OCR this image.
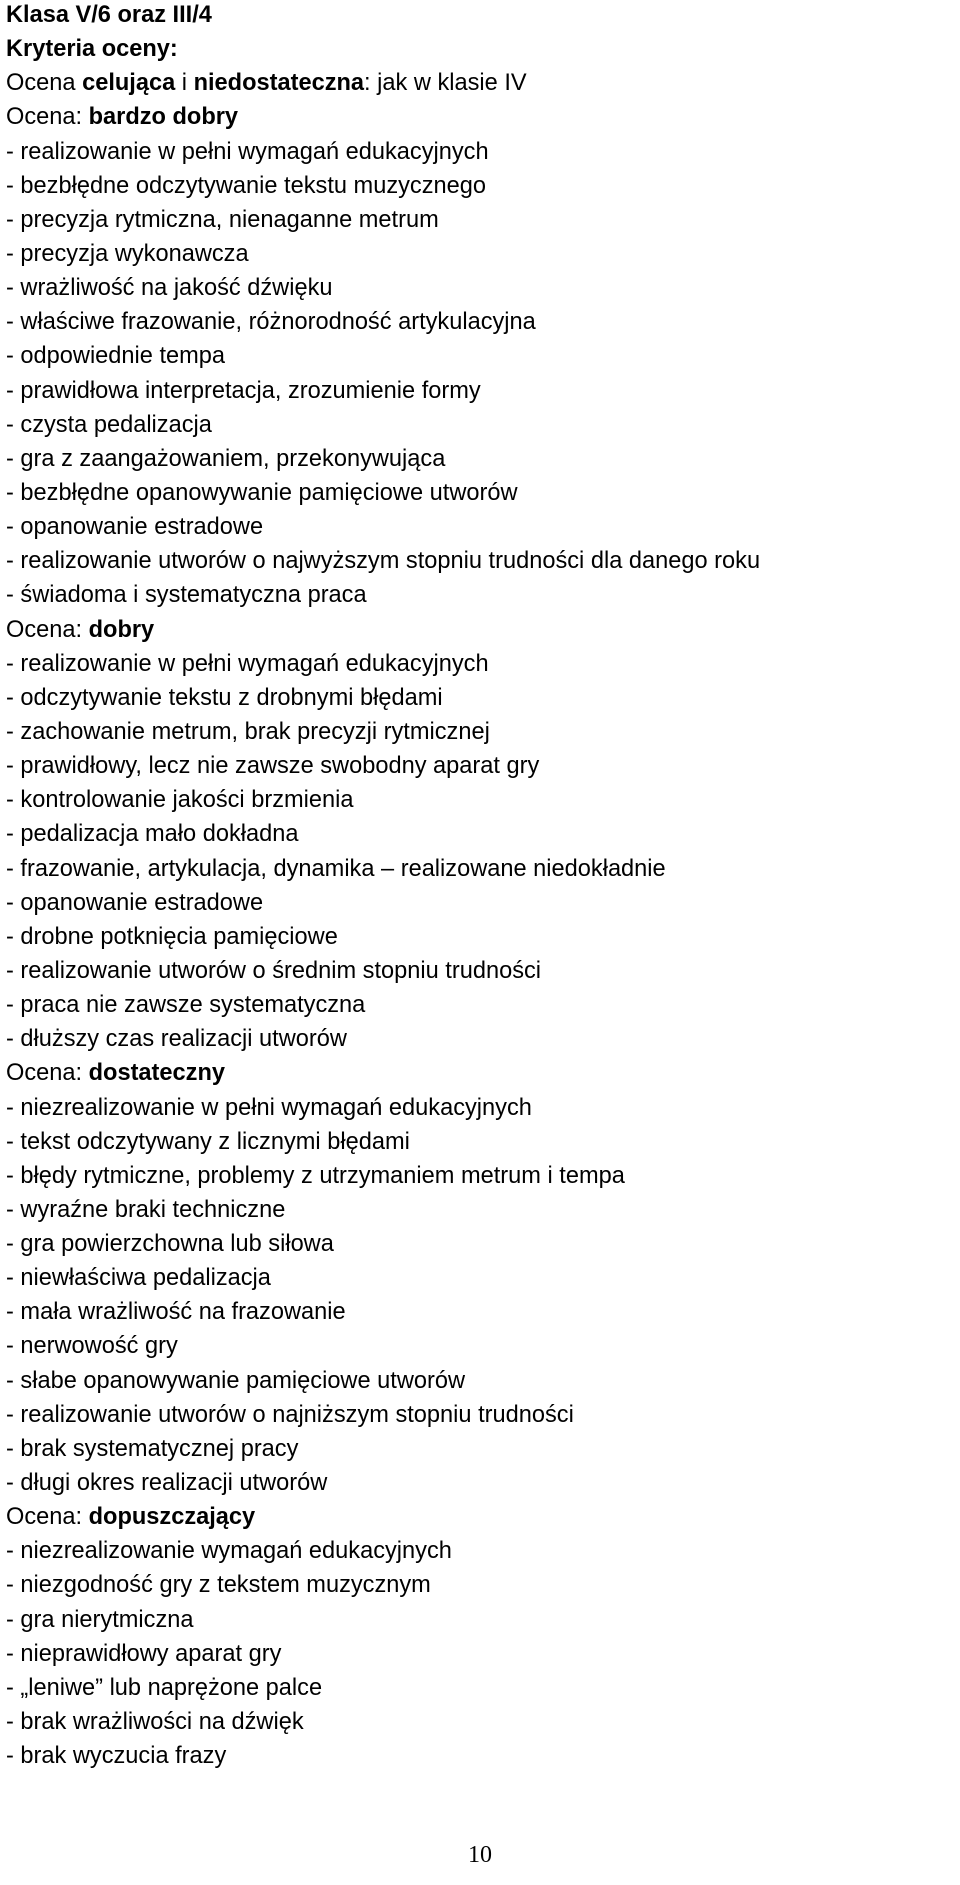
Klasa V/6 oraz III/4
Kryteria oceny:
Ocena celująca i niedostateczna: jak w klasie IV
Ocena: bardzo dobry
- realizowanie w pełni wymagań edukacyjnych
- bezbłędne odczytywanie tekstu muzycznego
- precyzja rytmiczna, nienaganne metrum
- precyzja wykonawcza
- wrażliwość na jakość dźwięku
- właściwe frazowanie, różnorodność artykulacyjna
- odpowiednie tempa
- prawidłowa interpretacja, zrozumienie formy
- czysta pedalizacja
- gra z zaangażowaniem, przekonywująca
- bezbłędne opanowywanie pamięciowe utworów
- opanowanie estradowe
- realizowanie utworów o najwyższym stopniu trudności dla danego roku
- świadoma i systematyczna praca
Ocena: dobry
- realizowanie w pełni wymagań edukacyjnych
- odczytywanie tekstu z drobnymi błędami
- zachowanie metrum, brak precyzji rytmicznej
- prawidłowy, lecz nie zawsze swobodny aparat gry
- kontrolowanie jakości brzmienia
- pedalizacja mało dokładna
- frazowanie, artykulacja, dynamika – realizowane niedokładnie
- opanowanie estradowe
- drobne potknięcia pamięciowe
- realizowanie utworów o średnim stopniu trudności
- praca nie zawsze systematyczna
- dłuższy czas realizacji utworów
Ocena: dostateczny
- niezrealizowanie w pełni wymagań edukacyjnych
- tekst odczytywany z licznymi błędami
- błędy rytmiczne, problemy z utrzymaniem metrum i tempa
- wyraźne braki techniczne
- gra powierzchowna lub siłowa
- niewłaściwa pedalizacja
- mała wrażliwość na frazowanie
- nerwowość gry
- słabe opanowywanie pamięciowe utworów
- realizowanie utworów o najniższym stopniu trudności
- brak systematycznej pracy
- długi okres realizacji utworów
Ocena: dopuszczający
- niezrealizowanie wymagań edukacyjnych
- niezgodność gry z tekstem muzycznym
- gra nierytmiczna
- nieprawidłowy aparat gry
- „leniwe” lub naprężone palce
- brak wrażliwości na dźwięk
- brak wyczucia frazy
10
